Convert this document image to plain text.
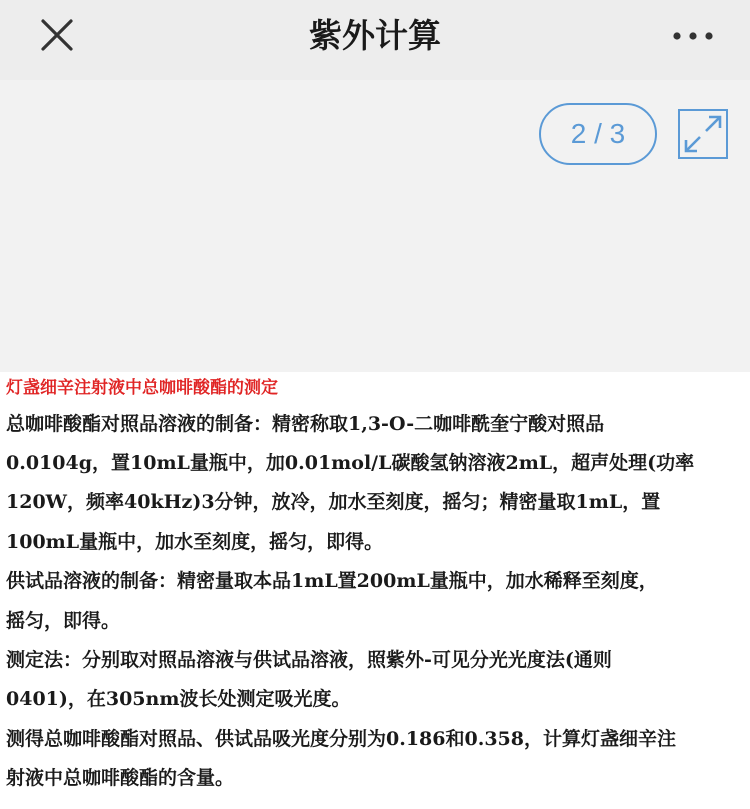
紫外计算
2 / 3
灯盏细辛注射液中总咖啡酸酯的测定
总咖啡酸酯对照品溶液的制备：精密称取1,3-O-二咖啡酰奎宁酸对照品
0.0104g，置10mL量瓶中，加0.01mol/L碳酸氢钠溶液2mL，超声处理(功率
120W，频率40kHz)3分钟，放冷，加水至刻度，摇匀；精密量取1mL，置
100mL量瓶中，加水至刻度，摇匀，即得。
供试品溶液的制备：精密量取本品1mL置200mL量瓶中，加水稀释至刻度，
摇匀，即得。
测定法：分别取对照品溶液与供试品溶液，照紫外-可见分光光度法(通则
0401)，在305nm波长处测定吸光度。
测得总咖啡酸酯对照品、供试品吸光度分别为0.186和0.358，计算灯盏细辛注
射液中总咖啡酸酯的含量。
